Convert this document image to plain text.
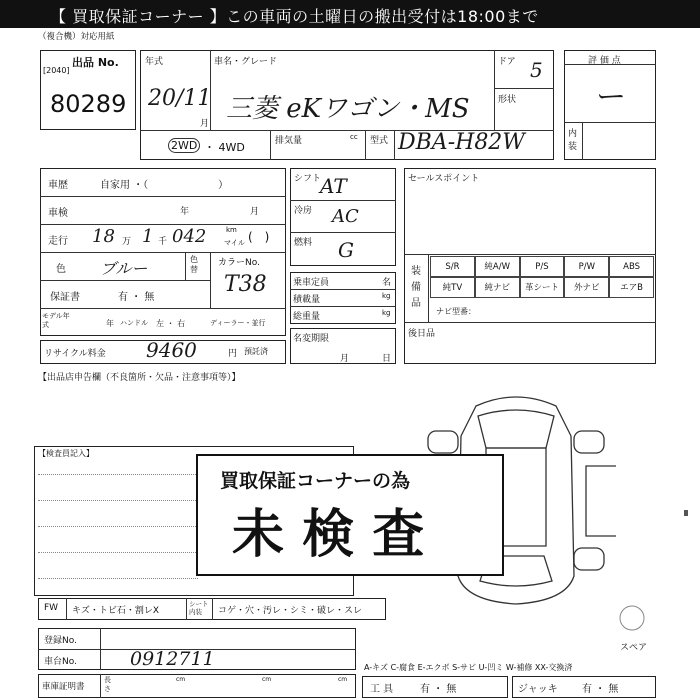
【 買取保証コーナー 】この車両の土曜日の搬出受付は18:00まで
（複合機）対応用紙
出品 No.
[2040]
80289
年式
20/11
月
車名・グレード
三菱 eKワゴン・MS
ドア 5
形状
2WD ・ 4WD	排気量	cc 型式 DBA-H82W
評 価 点
ー
内装
車歴	自家用 ・（　　　　　　　）
車検	年	月
走行 18 万 1 千 042	km
マイル (　)
色 ブルー	色替
カラーNo.
T38
保証書	有 ・ 無
モデル年式	年 ハンドル 左 ・ 右	ディーラー・並行
リサイクル料金 9460	円 預託済
シフト
AT
冷房 AC
燃料 G
乗車定員	名
積載量	kg
総重量	kg
名変期限
月	日
セールスポイント
装備品
S/R	純A/W	P/S	P/W	ABS
純TV	純ナビ	革シート	外ナビ	エアB
ナビ型番：
後日品
【出品店申告欄（不良箇所・欠品・注意事項等）】
【検査員記入】
スペア
買取保証コーナーの為
未 検 査
FW キズ・トビ石・割レX
シート内装	コゲ・穴・汚レ・シミ・破レ・スレ
登録No.
車台No.	0912711
車庫証明書
長さ
cm	cm	cm
A-キズ C-腐食 E-エクボ S-サビ U-凹ミ W-補修 XX-交換済
工 具	有 ・ 無	ジャッキ 有 ・ 無
